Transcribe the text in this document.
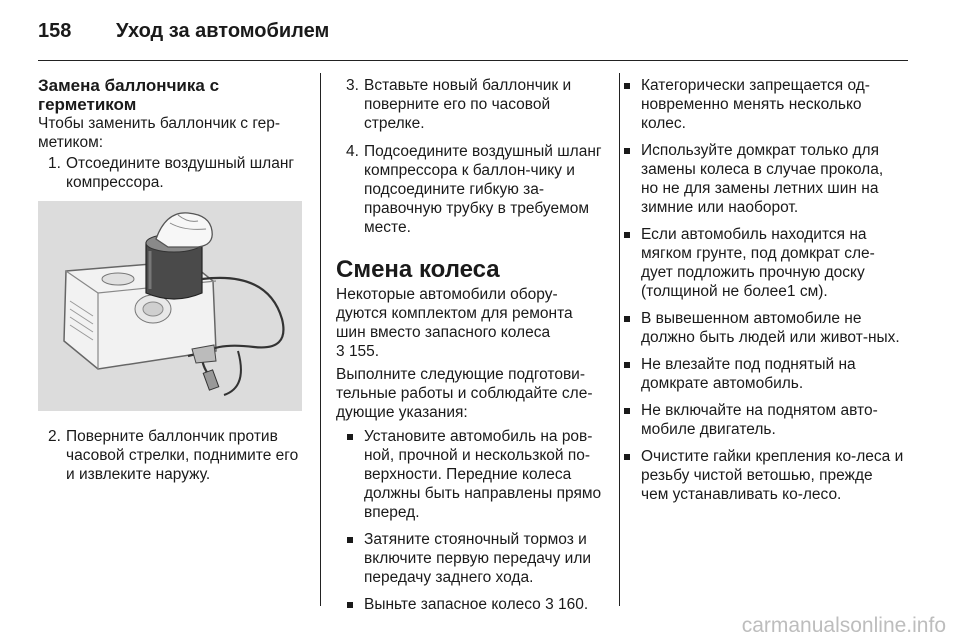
158 Уход за автомобилем
Замена баллончика с
герметиком

Чтобы заменить баллончик с гер-метиком:

1. Отсоедините воздушный шланг компрессора.
2. Поверните баллончик против часовой стрелки, поднимите его и извлеките наружу.
3. Вставьте новый баллончик и поверните его по часовой стрелке.
4. Подсоедините воздушный шланг компрессора к баллон-чику и подсоедините гибкую за-правочную трубку в требуемом месте.
Смена колеса

Некоторые автомобили обору-дуются комплектом для ремонта шин вместо запасного колеса
3 155.

Выполните следующие подготови-тельные работы и соблюдайте сле-дующие указания:

Установите автомобиль на ров-ной, прочной и нескользкой по-верхности. Передние колеса должны быть направлены прямо вперед.
Затяните стояночный тормоз и включите первую передачу или передачу заднего хода.
Выньте запасное колесо 3 160.
Категорически запрещается од-новременно менять несколько колес.
Используйте домкрат только для замены колеса в случае прокола, но не для замены летних шин на зимние или наоборот.
Если автомобиль находится на мягком грунте, под домкрат сле-дует подложить прочную доску (толщиной не более1 см).
В вывешенном автомобиле не должно быть людей или живот-ных.
Не влезайте под поднятый на домкрате автомобиль.
Не включайте на поднятом авто-мобиле двигатель.
Очистите гайки крепления ко-леса и резьбу чистой ветошью, прежде чем устанавливать ко-лесо.
carmanualsonline.info
